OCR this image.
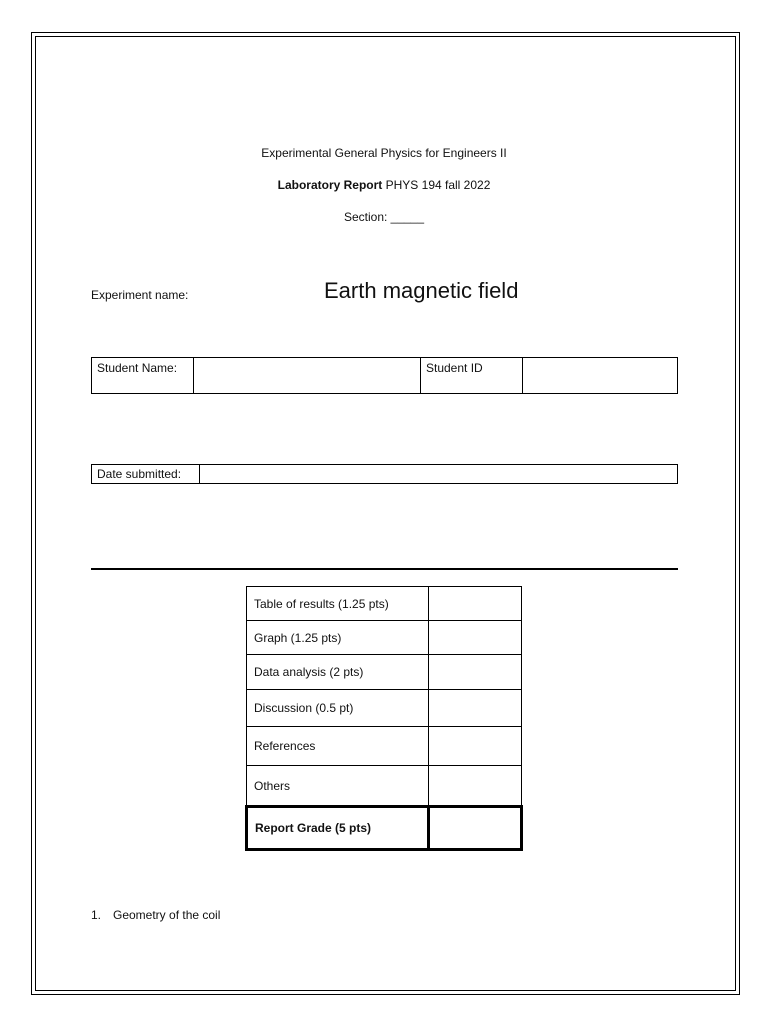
Experimental General Physics for Engineers II
Laboratory Report PHYS 194 fall 2022
Section: _____
Experiment name:	Earth magnetic field
Student Name:		Student ID	
Date submitted:	
Table of results (1.25 pts)	
Graph (1.25 pts)	
Data analysis (2 pts)	
Discussion (0.5 pt)	
References	
Others	
Report Grade (5 pts)	
1. Geometry of the coil
